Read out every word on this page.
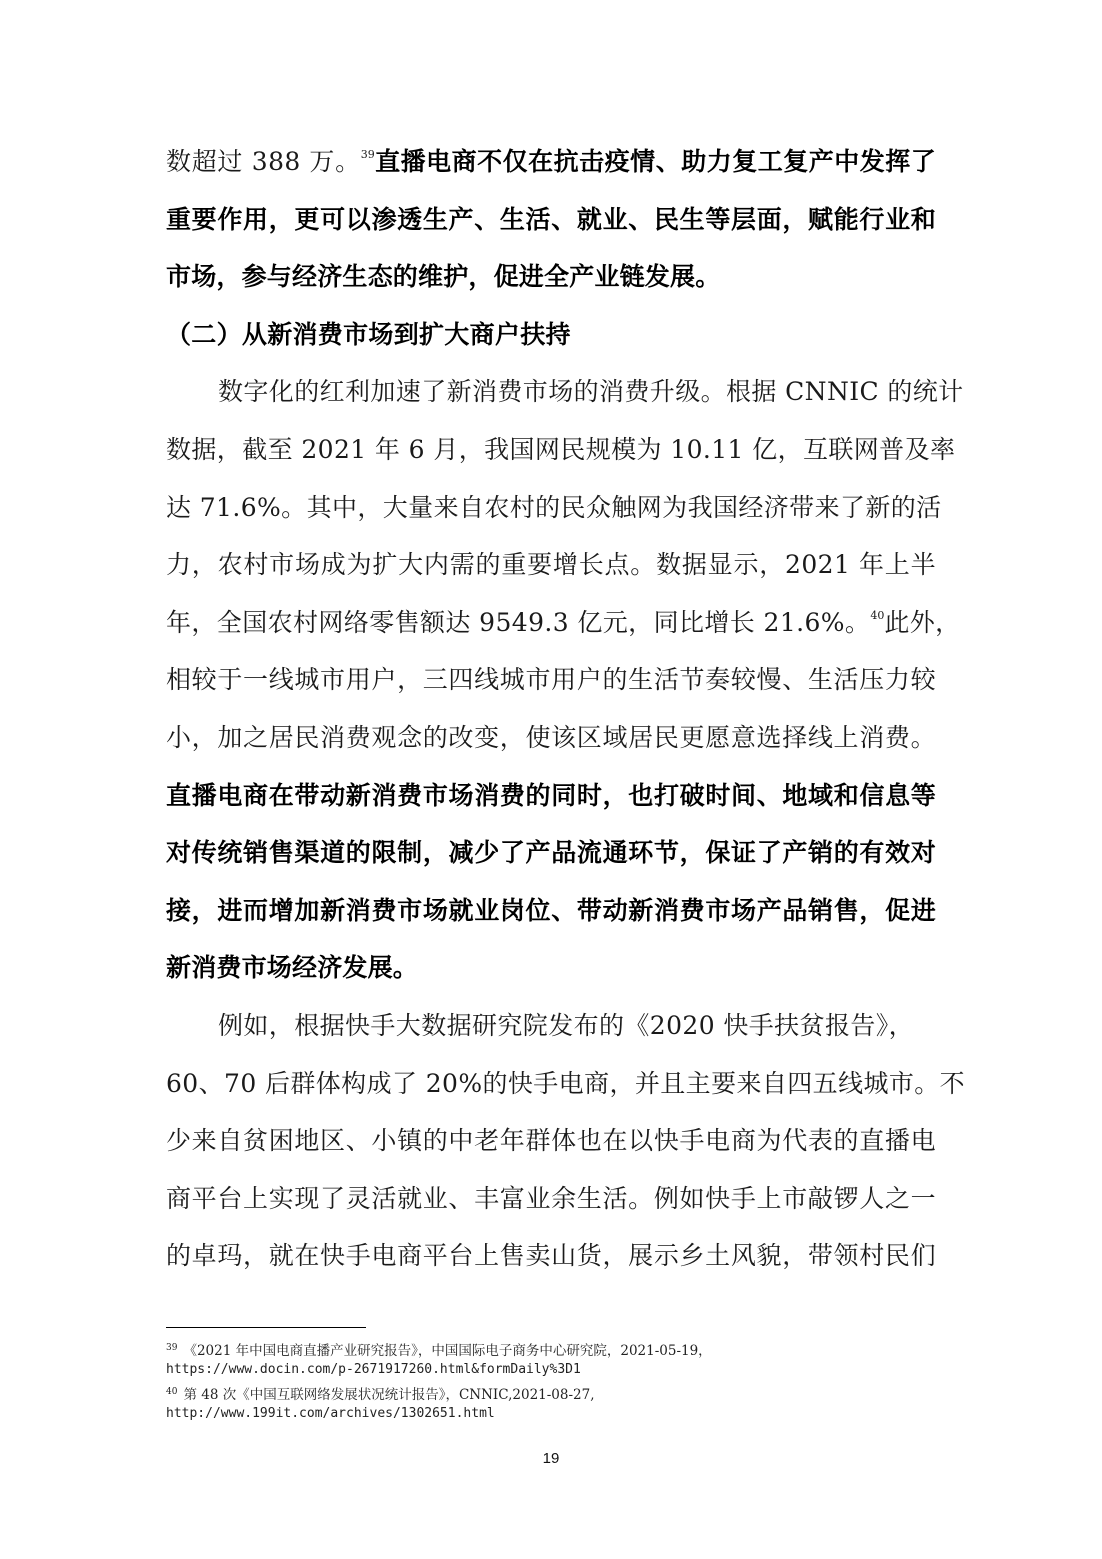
数超过 388 万。$^{39}$直播电商不仅在抗击疫情、助力复工复产中发挥了
重要作用，更可以渗透生产、生活、就业、民生等层面，赋能行业和
市场，参与经济生态的维护，促进全产业链发展。
（二）从新消费市场到扩大商户扶持
数字化的红利加速了新消费市场的消费升级。根据 CNNIC 的统计
数据，截至 2021 年 6 月，我国网民规模为 10.11 亿，互联网普及率
达 71.6%。其中，大量来自农村的民众触网为我国经济带来了新的活
力，农村市场成为扩大内需的重要增长点。数据显示，2021 年上半
年，全国农村网络零售额达 9549.3 亿元，同比增长 21.6%。$^{40}$此外，
相较于一线城市用户，三四线城市用户的生活节奏较慢、生活压力较
小，加之居民消费观念的改变，使该区域居民更愿意选择线上消费。
直播电商在带动新消费市场消费的同时，也打破时间、地域和信息等
对传统销售渠道的限制，减少了产品流通环节，保证了产销的有效对
接，进而增加新消费市场就业岗位、带动新消费市场产品销售，促进
新消费市场经济发展。
例如，根据快手大数据研究院发布的《2020 快手扶贫报告》，
60、70 后群体构成了 20%的快手电商，并且主要来自四五线城市。不
少来自贫困地区、小镇的中老年群体也在以快手电商为代表的直播电
商平台上实现了灵活就业、丰富业余生活。例如快手上市敲锣人之一
的卓玛，就在快手电商平台上售卖山货，展示乡土风貌，带领村民们
$^{39}$ 《2021 年中国电商直播产业研究报告》，中国国际电子商务中心研究院，2021-05-19，
https://www.docin.com/p-2671917260.html&formDaily%3D1
$^{40}$ 第 48 次《中国互联网络发展状况统计报告》，CNNIC,2021-08-27,
http://www.199it.com/archives/1302651.html
19
